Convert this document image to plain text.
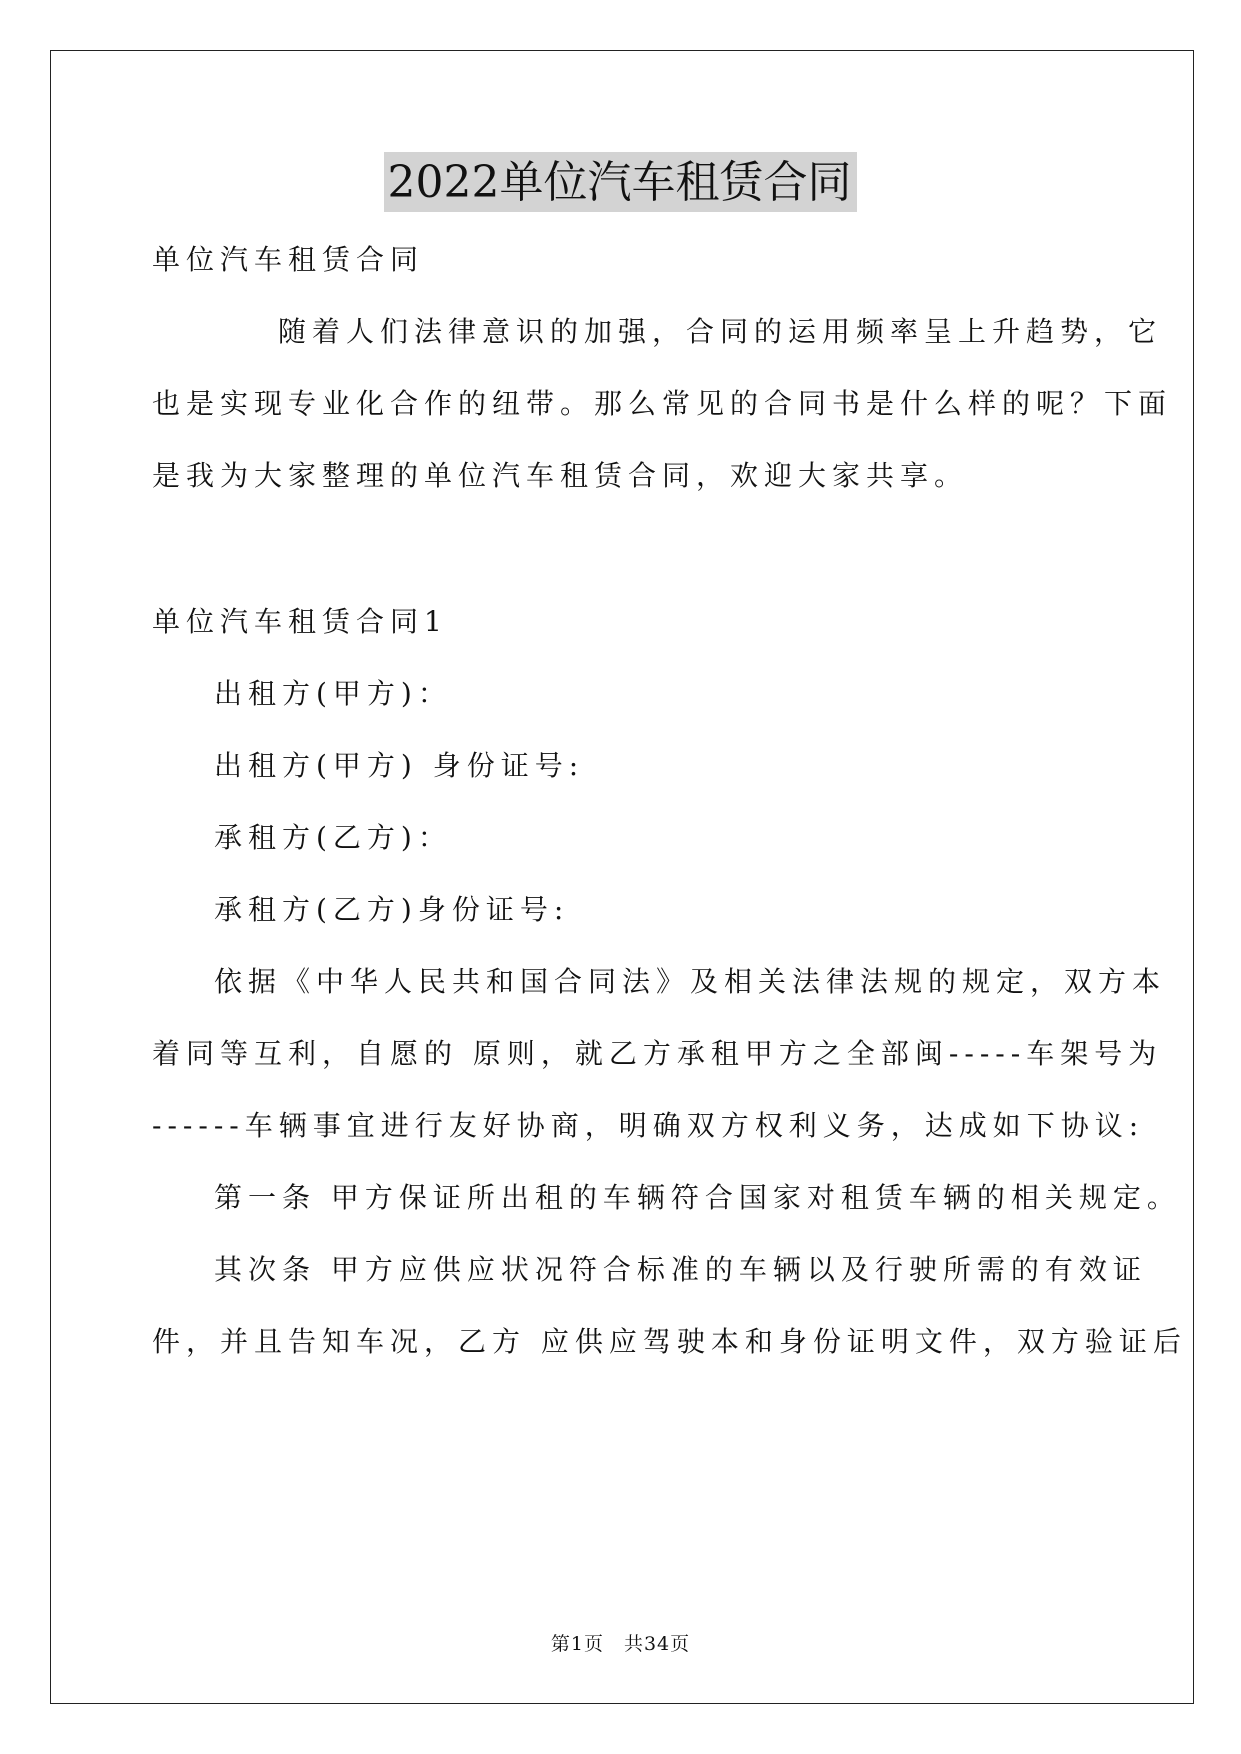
2022单位汽车租赁合同
单位汽车租赁合同
随着人们法律意识的加强，合同的运用频率呈上升趋势，它
也是实现专业化合作的纽带。那么常见的合同书是什么样的呢？下面
是我为大家整理的单位汽车租赁合同，欢迎大家共享。
单位汽车租赁合同1
出租方(甲方)：
出租方(甲方) 身份证号:
承租方(乙方)：
承租方(乙方)身份证号:
依据《中华人民共和国合同法》及相关法律法规的规定，双方本
着同等互利，自愿的 原则，就乙方承租甲方之全部闽-----车架号为
------车辆事宜进行友好协商，明确双方权利义务，达成如下协议:
第一条 甲方保证所出租的车辆符合国家对租赁车辆的相关规定。
其次条 甲方应供应状况符合标准的车辆以及行驶所需的有效证
件，并且告知车况，乙方 应供应驾驶本和身份证明文件，双方验证后
第1页　共34页
